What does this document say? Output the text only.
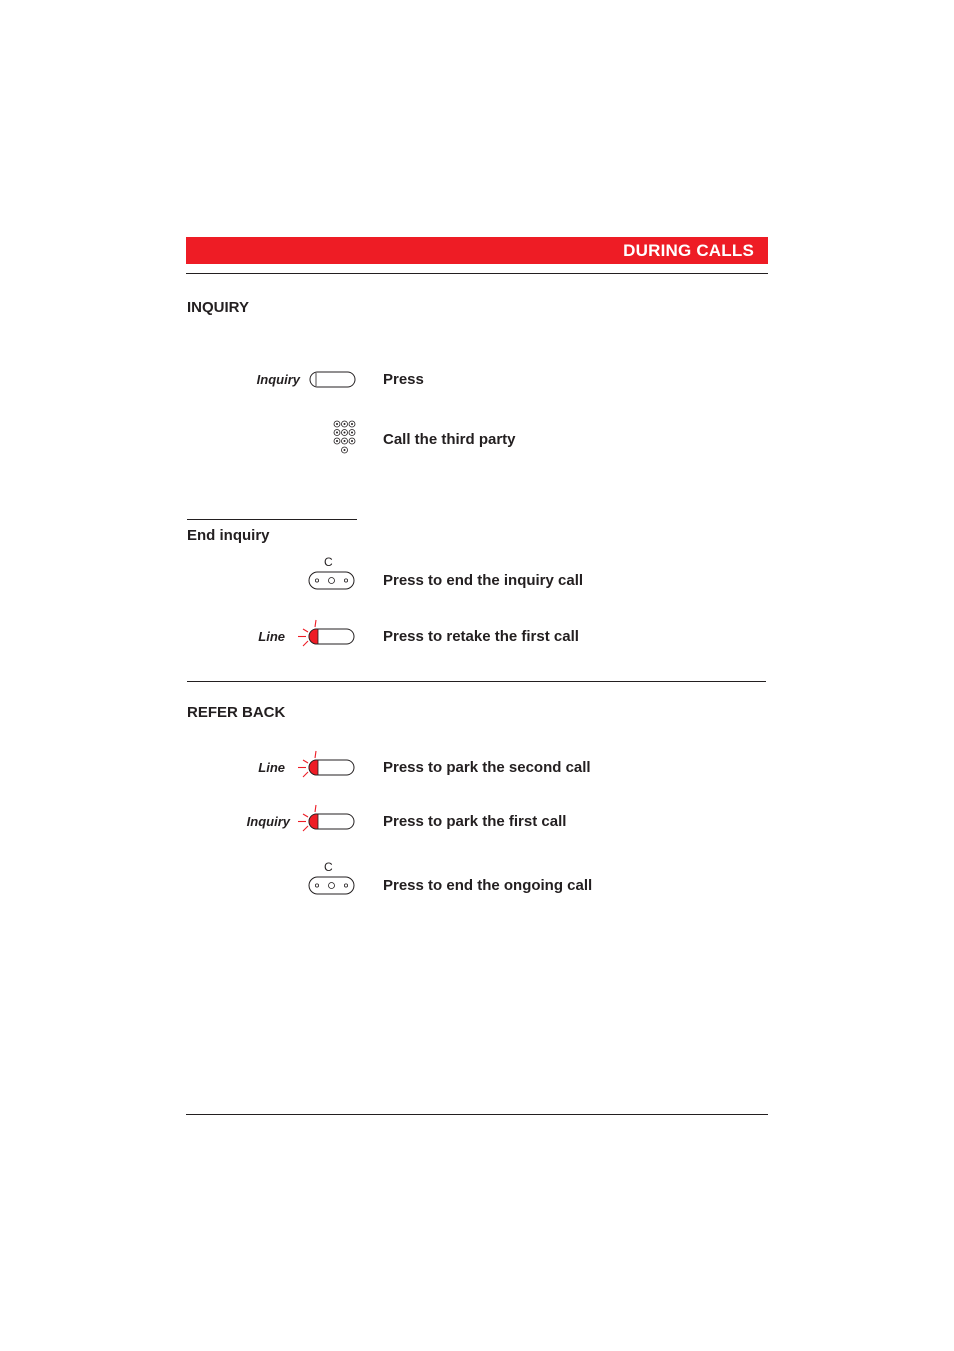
DURING CALLS
INQUIRY
Inquiry	Press
Call the third party
End inquiry
C
Press to end the inquiry call
Line	Press to retake the first call
REFER BACK
Line	Press to park the second call
Inquiry	Press to park the first call
C
Press to end the ongoing call
